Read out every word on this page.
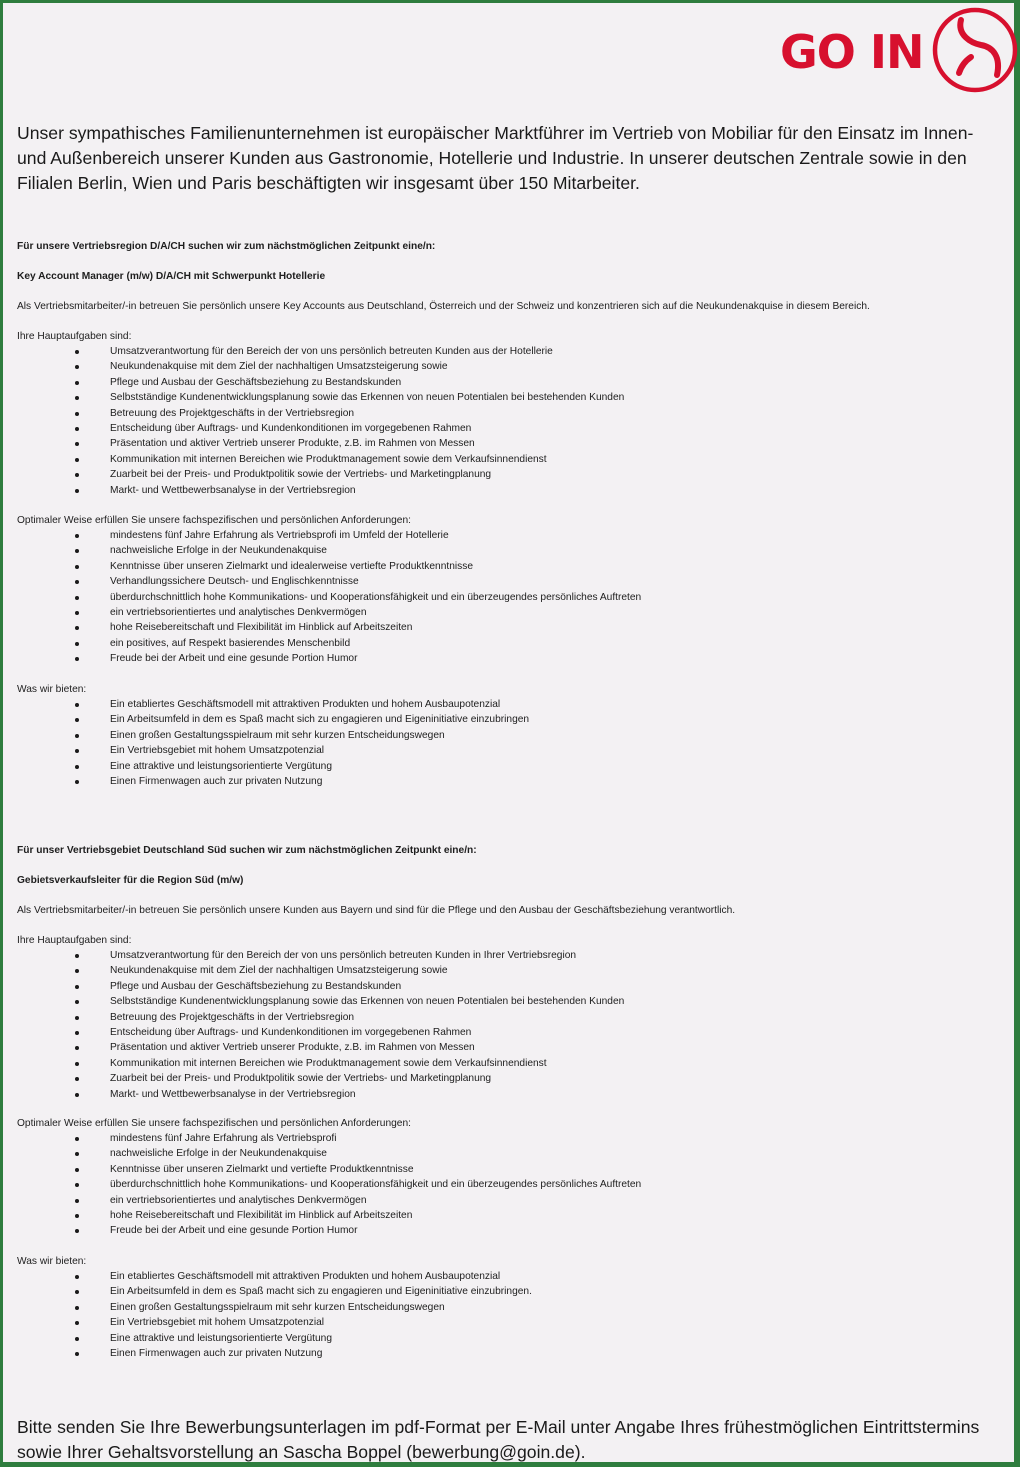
GO IN
Unser sympathisches Familienunternehmen ist europäischer Marktführer im Vertrieb von Mobiliar für den Einsatz im Innen- und Außenbereich unserer Kunden aus Gastronomie, Hotellerie und Industrie. In unserer deutschen Zentrale sowie in den Filialen Berlin, Wien und Paris beschäftigten wir insgesamt über 150 Mitarbeiter.
Für unsere Vertriebsregion D/A/CH suchen wir zum nächstmöglichen Zeitpunkt eine/n:
Key Account Manager (m/w) D/A/CH mit Schwerpunkt Hotellerie
Als Vertriebsmitarbeiter/-in betreuen Sie persönlich unsere Key Accounts aus Deutschland, Österreich und der Schweiz und konzentrieren sich auf die Neukundenakquise in diesem Bereich.
Ihre Hauptaufgaben sind:
Umsatzverantwortung für den Bereich der von uns persönlich betreuten Kunden aus der Hotellerie
Neukundenakquise mit dem Ziel der nachhaltigen Umsatzsteigerung sowie
Pflege und Ausbau der Geschäftsbeziehung zu Bestandskunden
Selbstständige Kundenentwicklungsplanung sowie das Erkennen von neuen Potentialen bei bestehenden Kunden
Betreuung des Projektgeschäfts in der Vertriebsregion
Entscheidung über Auftrags- und Kundenkonditionen im vorgegebenen Rahmen
Präsentation und aktiver Vertrieb unserer Produkte, z.B. im Rahmen von Messen
Kommunikation mit internen Bereichen wie Produktmanagement sowie dem Verkaufsinnendienst
Zuarbeit bei der Preis- und Produktpolitik sowie der Vertriebs- und Marketingplanung
Markt- und Wettbewerbsanalyse in der Vertriebsregion
Optimaler Weise erfüllen Sie unsere fachspezifischen und persönlichen Anforderungen:
mindestens fünf Jahre Erfahrung als Vertriebsprofi im Umfeld der Hotellerie
nachweisliche Erfolge in der Neukundenakquise
Kenntnisse über unseren Zielmarkt und idealerweise vertiefte Produktkenntnisse
Verhandlungssichere Deutsch- und Englischkenntnisse
überdurchschnittlich hohe Kommunikations- und Kooperationsfähigkeit und ein überzeugendes persönliches Auftreten
ein vertriebsorientiertes und analytisches Denkvermögen
hohe Reisebereitschaft und Flexibilität im Hinblick auf Arbeitszeiten
ein positives, auf Respekt basierendes Menschenbild
Freude bei der Arbeit und eine gesunde Portion Humor
Was wir bieten:
Ein etabliertes Geschäftsmodell mit attraktiven Produkten und hohem Ausbaupotenzial
Ein Arbeitsumfeld in dem es Spaß macht sich zu engagieren und Eigeninitiative einzubringen
Einen großen Gestaltungsspielraum mit sehr kurzen Entscheidungswegen
Ein Vertriebsgebiet mit hohem Umsatzpotenzial
Eine attraktive und leistungsorientierte Vergütung
Einen Firmenwagen auch zur privaten Nutzung
Für unser Vertriebsgebiet Deutschland Süd suchen wir zum nächstmöglichen Zeitpunkt eine/n:
Gebietsverkaufsleiter für die Region Süd (m/w)
Als Vertriebsmitarbeiter/-in betreuen Sie persönlich unsere Kunden aus Bayern und sind für die Pflege und den Ausbau der Geschäftsbeziehung verantwortlich.
Ihre Hauptaufgaben sind:
Umsatzverantwortung für den Bereich der von uns persönlich betreuten Kunden in Ihrer Vertriebsregion
Neukundenakquise mit dem Ziel der nachhaltigen Umsatzsteigerung sowie
Pflege und Ausbau der Geschäftsbeziehung zu Bestandskunden
Selbstständige Kundenentwicklungsplanung sowie das Erkennen von neuen Potentialen bei bestehenden Kunden
Betreuung des Projektgeschäfts in der Vertriebsregion
Entscheidung über Auftrags- und Kundenkonditionen im vorgegebenen Rahmen
Präsentation und aktiver Vertrieb unserer Produkte, z.B. im Rahmen von Messen
Kommunikation mit internen Bereichen wie Produktmanagement sowie dem Verkaufsinnendienst
Zuarbeit bei der Preis- und Produktpolitik sowie der Vertriebs- und Marketingplanung
Markt- und Wettbewerbsanalyse in der Vertriebsregion
Optimaler Weise erfüllen Sie unsere fachspezifischen und persönlichen Anforderungen:
mindestens fünf Jahre Erfahrung als Vertriebsprofi
nachweisliche Erfolge in der Neukundenakquise
Kenntnisse über unseren Zielmarkt und vertiefte Produktkenntnisse
überdurchschnittlich hohe Kommunikations- und Kooperationsfähigkeit und ein überzeugendes persönliches Auftreten
ein vertriebsorientiertes und analytisches Denkvermögen
hohe Reisebereitschaft und Flexibilität im Hinblick auf Arbeitszeiten
Freude bei der Arbeit und eine gesunde Portion Humor
Was wir bieten:
Ein etabliertes Geschäftsmodell mit attraktiven Produkten und hohem Ausbaupotenzial
Ein Arbeitsumfeld in dem es Spaß macht sich zu engagieren und Eigeninitiative einzubringen.
Einen großen Gestaltungsspielraum mit sehr kurzen Entscheidungswegen
Ein Vertriebsgebiet mit hohem Umsatzpotenzial
Eine attraktive und leistungsorientierte Vergütung
Einen Firmenwagen auch zur privaten Nutzung
Bitte senden Sie Ihre Bewerbungsunterlagen im pdf-Format per E-Mail unter Angabe Ihres frühestmöglichen Eintrittstermins sowie Ihrer Gehaltsvorstellung an Sascha Boppel (bewerbung@goin.de).
